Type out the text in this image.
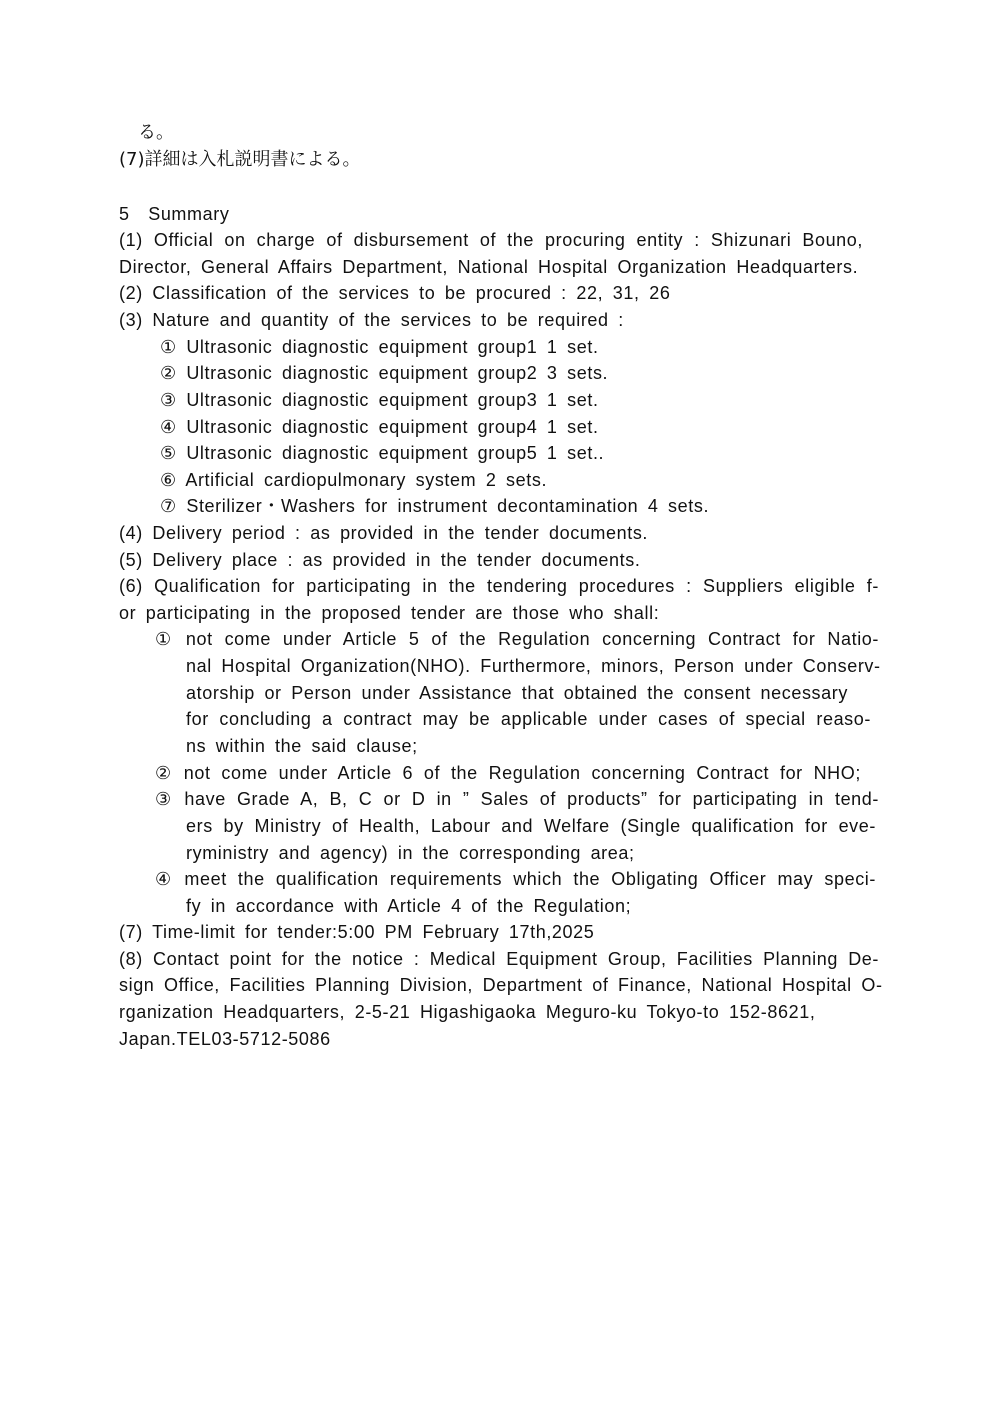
る。
(7)詳細は入札説明書による。
5　Summary
(1) Official on charge of disbursement of the procuring entity : Shizunari Bouno,
Director, General Affairs Department, National Hospital Organization Headquarters.
(2) Classification of the services to be procured : 22, 31, 26
(3) Nature and quantity of the services to be required :
① Ultrasonic diagnostic equipment group1 1 set.
② Ultrasonic diagnostic equipment group2 3 sets.
③ Ultrasonic diagnostic equipment group3 1 set.
④ Ultrasonic diagnostic equipment group4 1 set.
⑤ Ultrasonic diagnostic equipment group5 1 set..
⑥ Artificial cardiopulmonary system 2 sets.
⑦ Sterilizer・Washers for instrument decontamination 4 sets.
(4) Delivery period : as provided in the tender documents.
(5) Delivery place : as provided in the tender documents.
(6) Qualification for participating in the tendering procedures : Suppliers eligible f-
or participating in the proposed tender are those who shall:
① not come under Article 5 of the Regulation concerning Contract for Natio-
nal Hospital Organization(NHO). Furthermore, minors, Person under Conserv-
atorship or Person under Assistance that obtained the consent necessary
for concluding a contract may be applicable under cases of special reaso-
ns within the said clause;
② not come under Article 6 of the Regulation concerning Contract for NHO;
③ have Grade A, B, C or D in ” Sales of products” for participating in tend-
ers by Ministry of Health, Labour and Welfare (Single qualification for eve-
ryministry and agency) in the corresponding area;
④ meet the qualification requirements which the Obligating Officer may speci-
fy in accordance with Article 4 of the Regulation;
(7) Time-limit for tender:5:00 PM February 17th,2025
(8) Contact point for the notice : Medical Equipment Group, Facilities Planning De-
sign Office, Facilities Planning Division, Department of Finance, National Hospital O-
rganization Headquarters, 2-5-21 Higashigaoka Meguro-ku Tokyo-to 152-8621,
Japan.TEL03-5712-5086
